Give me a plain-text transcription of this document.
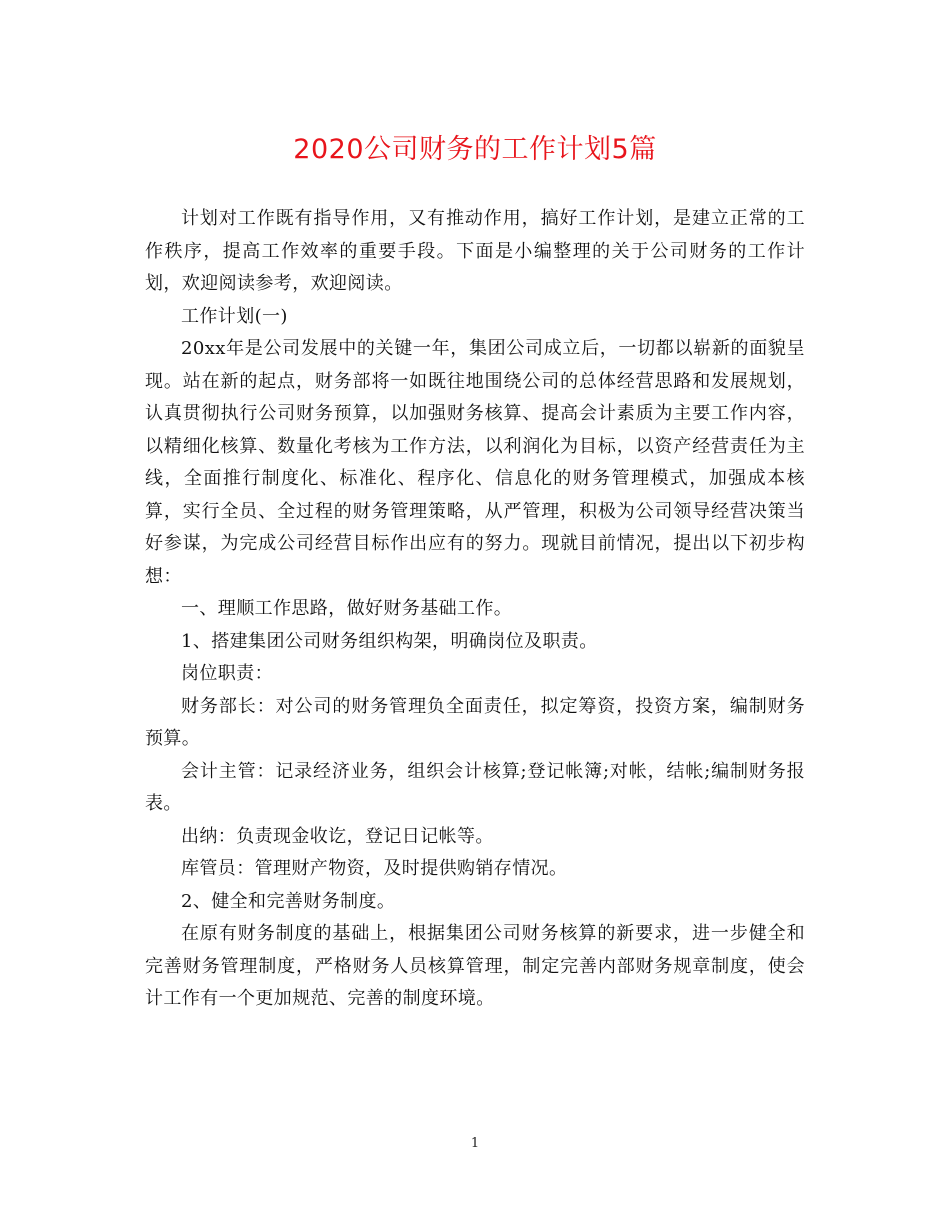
2020公司财务的工作计划5篇

计划对工作既有指导作用，又有推动作用，搞好工作计划，是建立正常的工作秩序，提高工作效率的重要手段。下面是小编整理的关于公司财务的工作计划，欢迎阅读参考，欢迎阅读。

工作计划(一)

20xx年是公司发展中的关键一年，集团公司成立后，一切都以崭新的面貌呈现。站在新的起点，财务部将一如既往地围绕公司的总体经营思路和发展规划，认真贯彻执行公司财务预算，以加强财务核算、提高会计素质为主要工作内容，以精细化核算、数量化考核为工作方法，以利润化为目标，以资产经营责任为主线，全面推行制度化、标准化、程序化、信息化的财务管理模式，加强成本核算，实行全员、全过程的财务管理策略，从严管理，积极为公司领导经营决策当好参谋，为完成公司经营目标作出应有的努力。现就目前情况，提出以下初步构想：

一、理顺工作思路，做好财务基础工作。

1、搭建集团公司财务组织构架，明确岗位及职责。

岗位职责：

财务部长：对公司的财务管理负全面责任，拟定筹资，投资方案，编制财务预算。

会计主管：记录经济业务，组织会计核算;登记帐簿;对帐，结帐;编制财务报表。

出纳：负责现金收讫，登记日记帐等。

库管员：管理财产物资，及时提供购销存情况。

2、健全和完善财务制度。

在原有财务制度的基础上，根据集团公司财务核算的新要求，进一步健全和完善财务管理制度，严格财务人员核算管理，制定完善内部财务规章制度，使会计工作有一个更加规范、完善的制度环境。

1
